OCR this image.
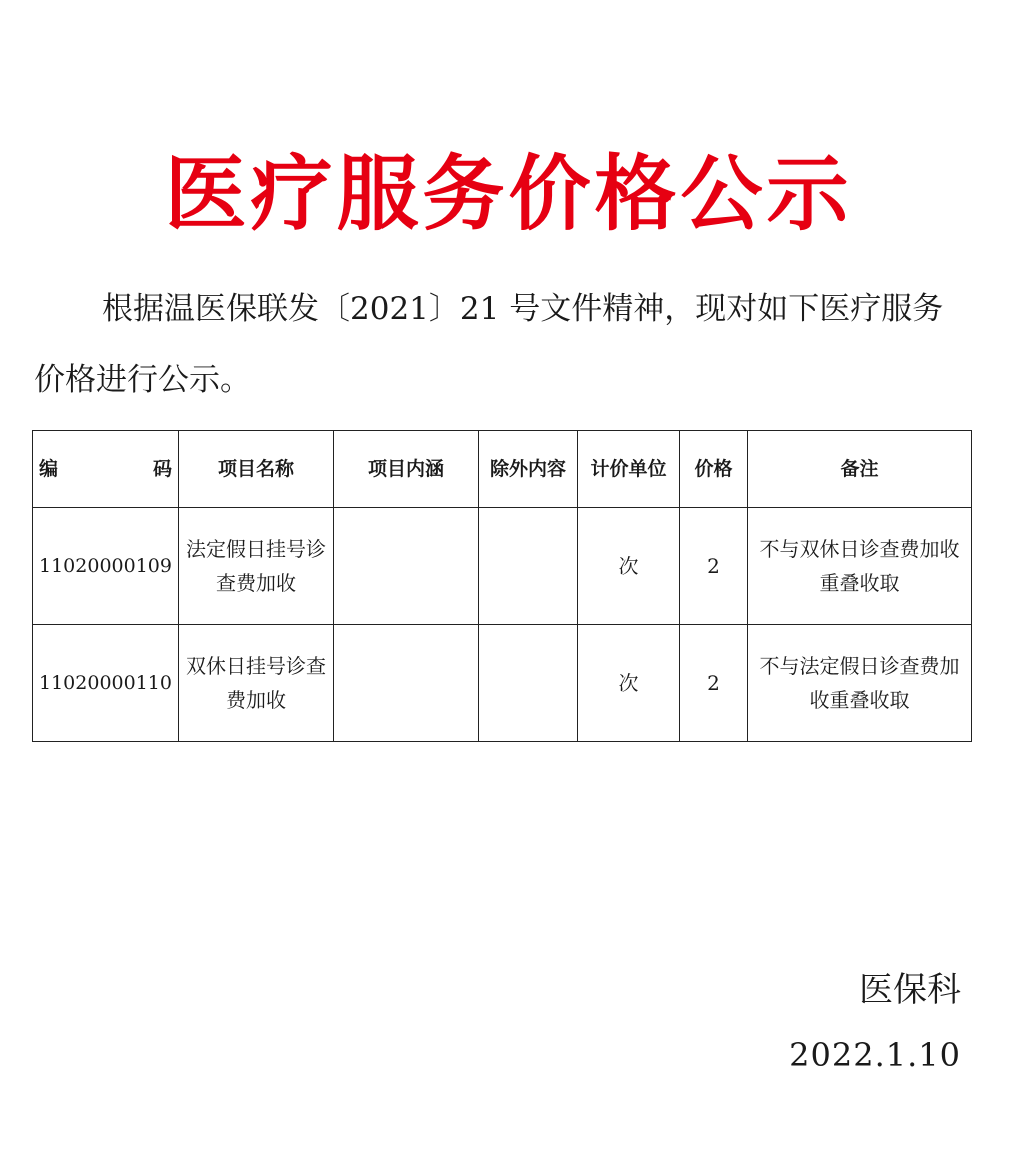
医疗服务价格公示
根据温医保联发〔2021〕21 号文件精神，现对如下医疗服务价格进行公示。
编　　码	项目名称	项目内涵	除外内容	计价单位	价格	备注
11020000109	法定假日挂号诊查费加收			次	2	不与双休日诊查费加收重叠收取
11020000110	双休日挂号诊查费加收			次	2	不与法定假日诊查费加收重叠收取
医保科
2022.1.10
